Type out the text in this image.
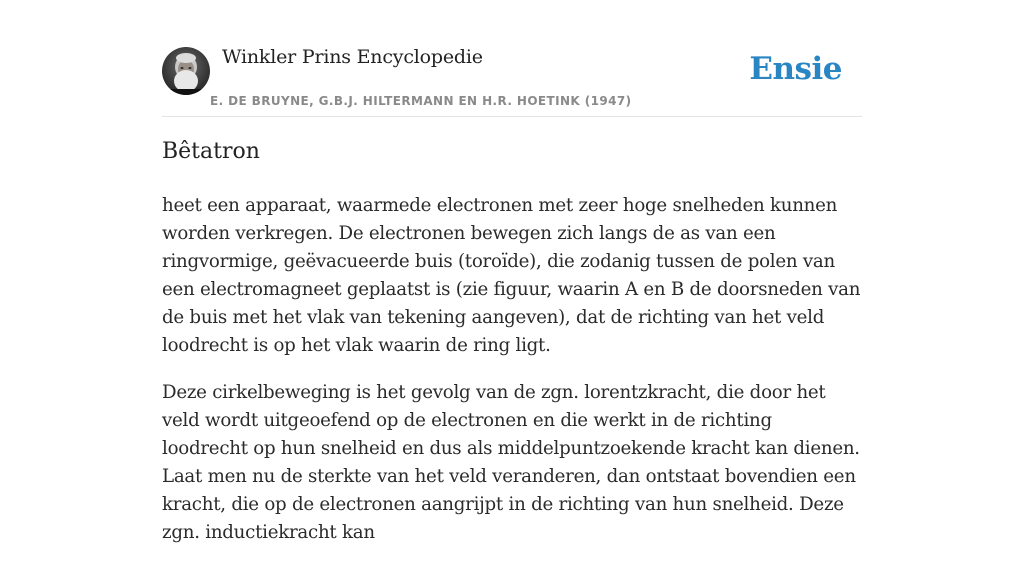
Winkler Prins Encyclopedie
E. DE BRUYNE, G.B.J. HILTERMANN EN H.R. HOETINK (1947)
Ensie
Bêtatron

heet een apparaat, waarmede electronen met zeer hoge snelheden kunnen worden verkregen. De electronen bewegen zich langs de as van een ringvormige, geëvacueerde buis (toroïde), die zodanig tussen de polen van een electromagneet geplaatst is (zie figuur, waarin A en B de doorsneden van de buis met het vlak van tekening aangeven), dat de richting van het veld loodrecht is op het vlak waarin de ring ligt.

Deze cirkelbeweging is het gevolg van de zgn. lorentzkracht, die door het veld wordt uitgeoefend op de electronen en die werkt in de richting loodrecht op hun snelheid en dus als middelpuntzoekende kracht kan dienen. Laat men nu de sterkte van het veld veranderen, dan ontstaat bovendien een kracht, die op de electronen aangrijpt in de richting van hun snelheid. Deze zgn. inductiekracht kan
